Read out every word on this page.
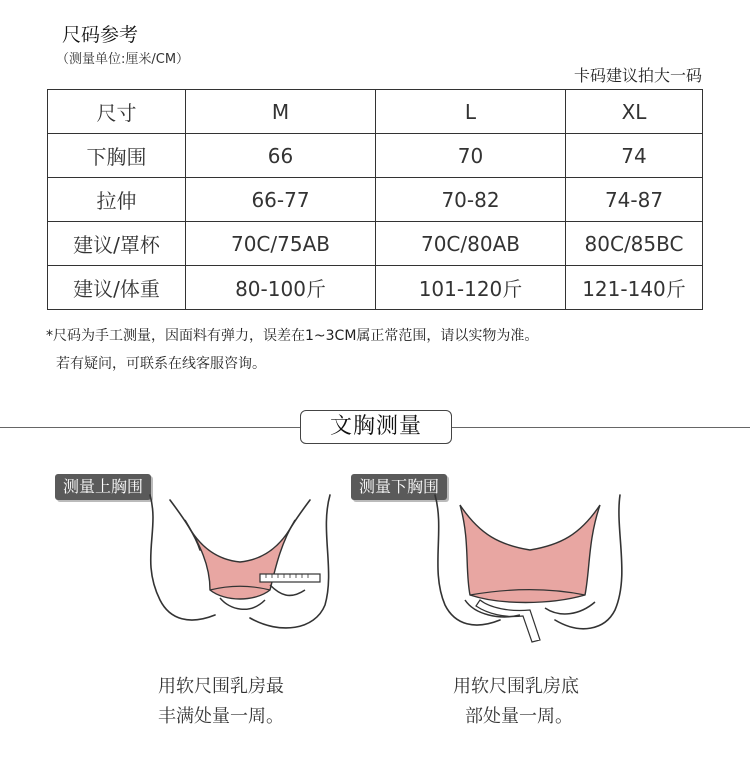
尺码参考
（测量单位:厘米/CM）
卡码建议拍大一码
尺寸	M	L	XL
下胸围	66	70	74
拉伸	66-77	70-82	74-87
建议/罩杯	70C/75AB	70C/80AB	80C/85BC
建议/体重	80-100斤	101-120斤	121-140斤
*尺码为手工测量，因面料有弹力，误差在1~3CM属正常范围，请以实物为准。
若有疑问，可联系在线客服咨询。
文胸测量
测量上胸围	测量下胸围
用软尺围乳房最
丰满处量一周。
用软尺围乳房底
部处量一周。
